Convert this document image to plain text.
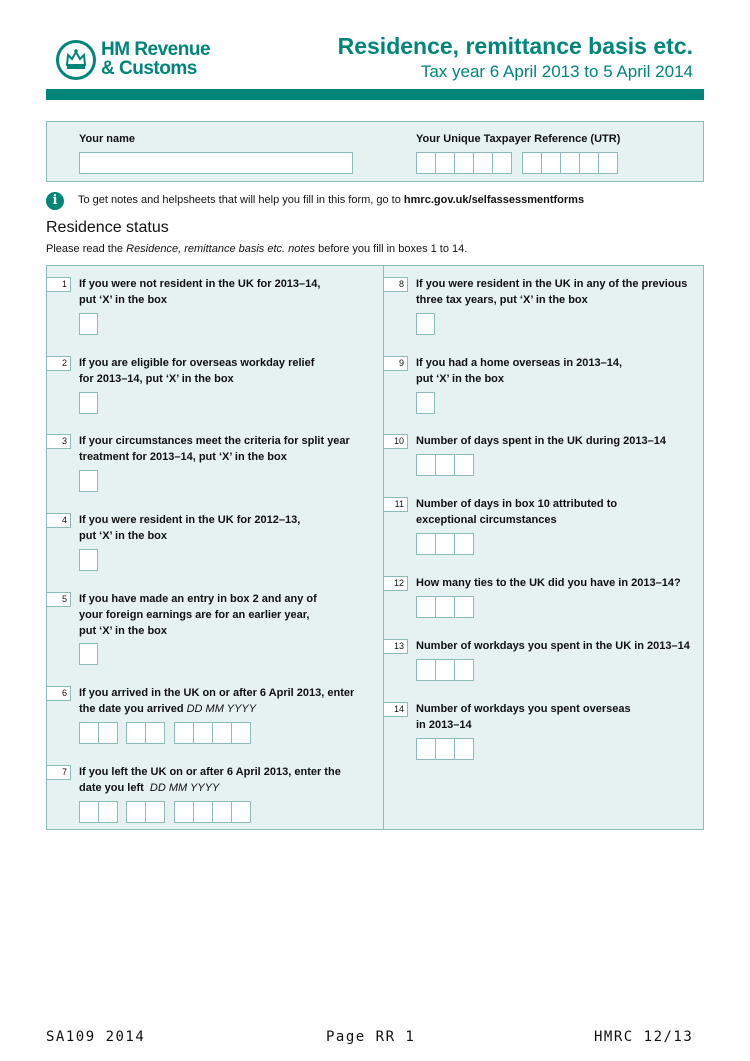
HM Revenue
& Customs
Residence, remittance basis etc.
Tax year 6 April 2013 to 5 April 2014
Your name	Your Unique Taxpayer Reference (UTR)
i	To get notes and helpsheets that will help you fill in this form, go to hmrc.gov.uk/selfassessmentforms
Residence status
Please read the Residence, remittance basis etc. notes before you fill in boxes 1 to 14.
1	If you were not resident in the UK for 2013–14,
put ‘X’ in the box
2	If you are eligible for overseas workday relief
for 2013–14, put ‘X’ in the box
3	If your circumstances meet the criteria for split year
treatment for 2013–14, put ‘X’ in the box
4	If you were resident in the UK for 2012–13,
put ‘X’ in the box
5	If you have made an entry in box 2 and any of
your foreign earnings are for an earlier year,
put ‘X’ in the box
6	If you arrived in the UK on or after 6 April 2013, enter
the date you arrived DD MM YYYY
7	If you left the UK on or after 6 April 2013, enter the
date you left DD MM YYYY
8	If you were resident in the UK in any of the previous
three tax years, put ‘X’ in the box
9	If you had a home overseas in 2013–14,
put ‘X’ in the box
10	Number of days spent in the UK during 2013–14
11	Number of days in box 10 attributed to
exceptional circumstances
12	How many ties to the UK did you have in 2013–14?
13	Number of workdays you spent in the UK in 2013–14
14	Number of workdays you spent overseas
in 2013–14
SA109 2014	Page RR 1	HMRC 12/13
